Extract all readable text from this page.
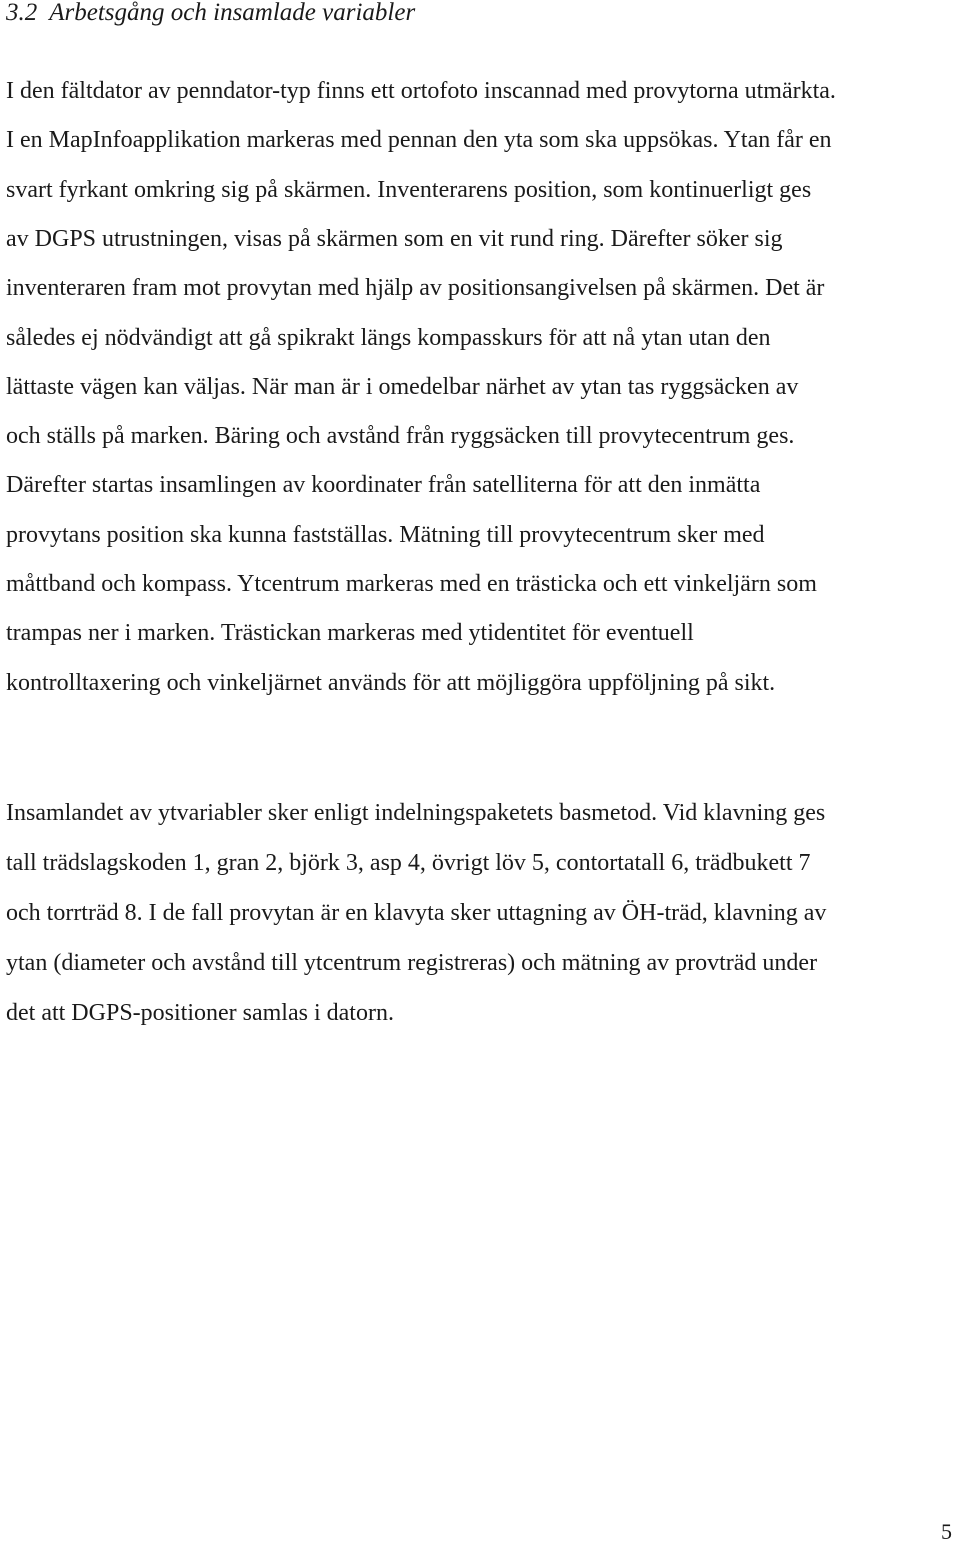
3.2 Arbetsgång och insamlade variabler
I den fältdator av penndator-typ finns ett ortofoto inscannad med provytorna utmärkta.
I en MapInfoapplikation markeras med pennan den yta som ska uppsökas. Ytan får en
svart fyrkant omkring sig på skärmen. Inventerarens position, som kontinuerligt ges
av DGPS utrustningen, visas på skärmen som en vit rund ring. Därefter söker sig
inventeraren fram mot provytan med hjälp av positionsangivelsen på skärmen. Det är
således ej nödvändigt att gå spikrakt längs kompasskurs för att nå ytan utan den
lättaste vägen kan väljas. När man är i omedelbar närhet av ytan tas ryggsäcken av
och ställs på marken. Bäring och avstånd från ryggsäcken till provytecentrum ges.
Därefter startas insamlingen av koordinater från satelliterna för att den inmätta
provytans position ska kunna fastställas. Mätning till provytecentrum sker med
måttband och kompass. Ytcentrum markeras med en trästicka och ett vinkeljärn som
trampas ner i marken. Trästickan markeras med ytidentitet för eventuell
kontrolltaxering och vinkeljärnet används för att möjliggöra uppföljning på sikt.
Insamlandet av ytvariabler sker enligt indelningspaketets basmetod. Vid klavning ges
tall trädslagskoden 1, gran 2, björk 3, asp 4, övrigt löv 5, contortatall 6, trädbukett 7
och torrträd 8. I de fall provytan är en klavyta sker uttagning av ÖH-träd, klavning av
ytan (diameter och avstånd till ytcentrum registreras) och mätning av provträd under
det att DGPS-positioner samlas i datorn.
5
